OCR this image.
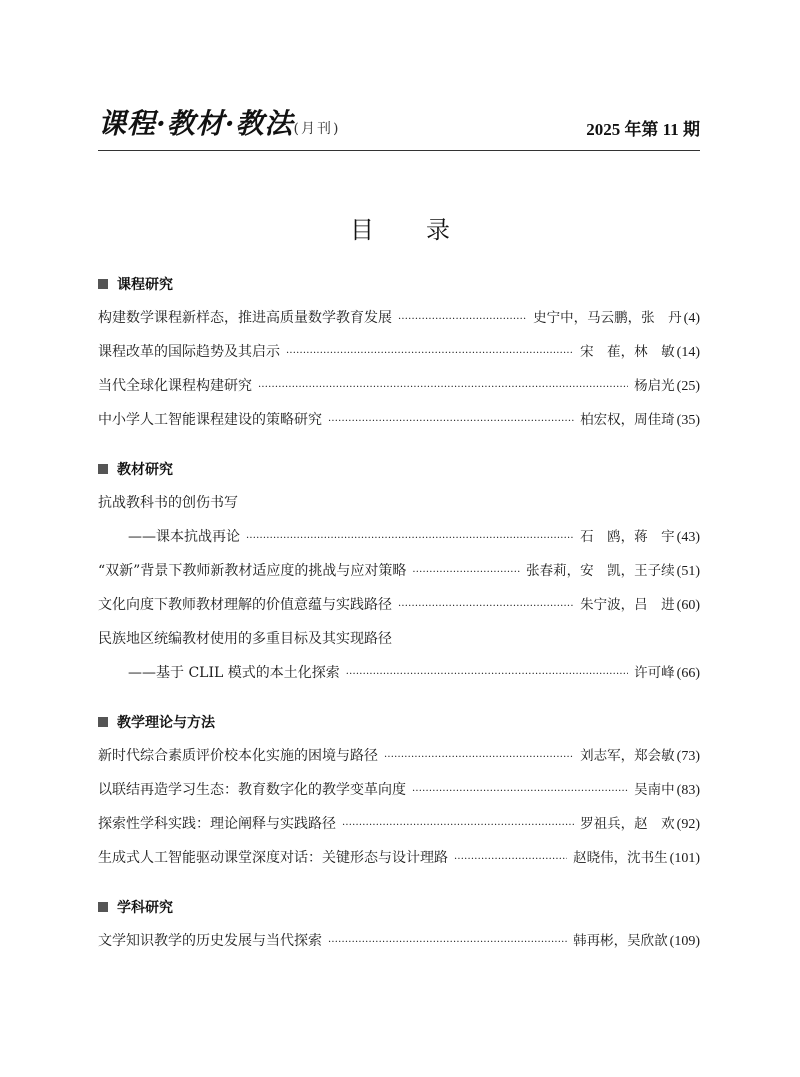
课程·教材·教法(月刊)	2025 年第 11 期
目录
课程研究
构建数学课程新样态，推进高质量数学教育发展 ·····	史宁中，马云鹏，张　丹 (4)
课程改革的国际趋势及其启示 ·····	宋　萑，林　敏 (14)
当代全球化课程构建研究 ·····	杨启光 (25)
中小学人工智能课程建设的策略研究 ·····	柏宏权，周佳琦 (35)
教材研究
抗战教科书的创伤书写
——课本抗战再论 ·····	石　鸥，蒋　宇 (43)
“双新”背景下教师新教材适应度的挑战与应对策略 ·····	张春莉，安　凯，王子续 (51)
文化向度下教师教材理解的价值意蕴与实践路径 ·····	朱宁波，吕　进 (60)
民族地区统编教材使用的多重目标及其实现路径
——基于 CLIL 模式的本土化探索 ·····	许可峰 (66)
教学理论与方法
新时代综合素质评价校本化实施的困境与路径 ·····	刘志军，郑会敏 (73)
以联结再造学习生态：教育数字化的教学变革向度 ·····	吴南中 (83)
探索性学科实践：理论阐释与实践路径 ·····	罗祖兵，赵　欢 (92)
生成式人工智能驱动课堂深度对话：关键形态与设计理路 ·····	赵晓伟，沈书生 (101)
学科研究
文学知识教学的历史发展与当代探索 ·····	韩再彬，吴欣歆 (109)
